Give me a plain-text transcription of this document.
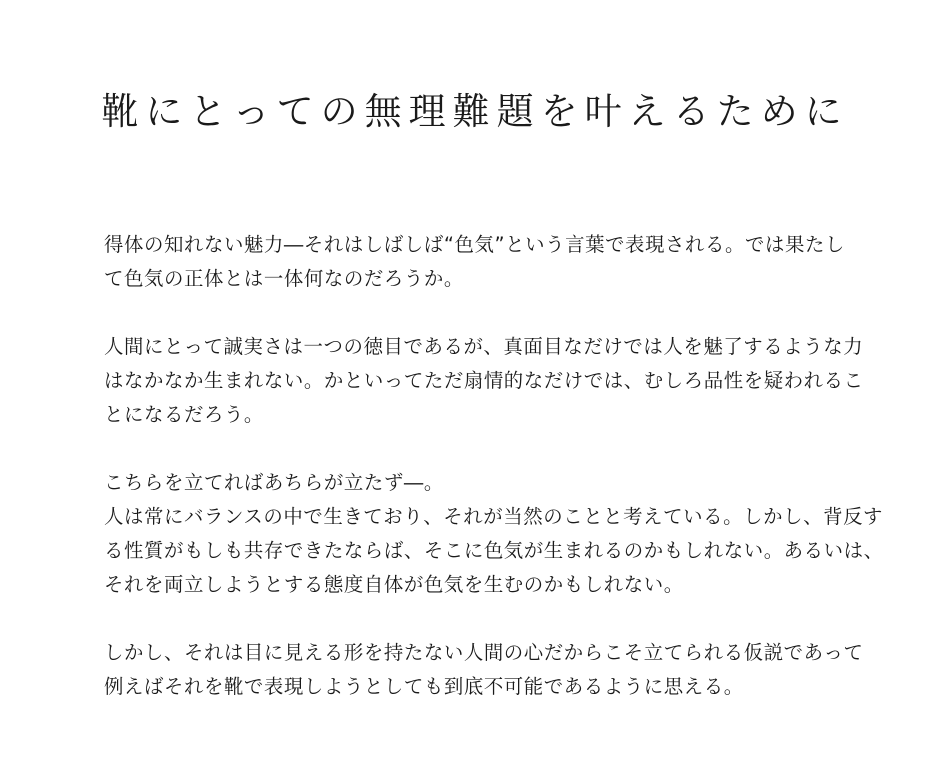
靴にとっての無理難題を叶えるために

得体の知れない魅力―それはしばしば“色気”という言葉で表現される。では果たし
て色気の正体とは一体何なのだろうか。

人間にとって誠実さは一つの徳目であるが、真面目なだけでは人を魅了するような力
はなかなか生まれない。かといってただ扇情的なだけでは、むしろ品性を疑われるこ
とになるだろう。

こちらを立てればあちらが立たず―。
人は常にバランスの中で生きており、それが当然のことと考えている。しかし、背反す
る性質がもしも共存できたならば、そこに色気が生まれるのかもしれない。あるいは、
それを両立しようとする態度自体が色気を生むのかもしれない。

しかし、それは目に見える形を持たない人間の心だからこそ立てられる仮説であって
例えばそれを靴で表現しようとしても到底不可能であるように思える。
